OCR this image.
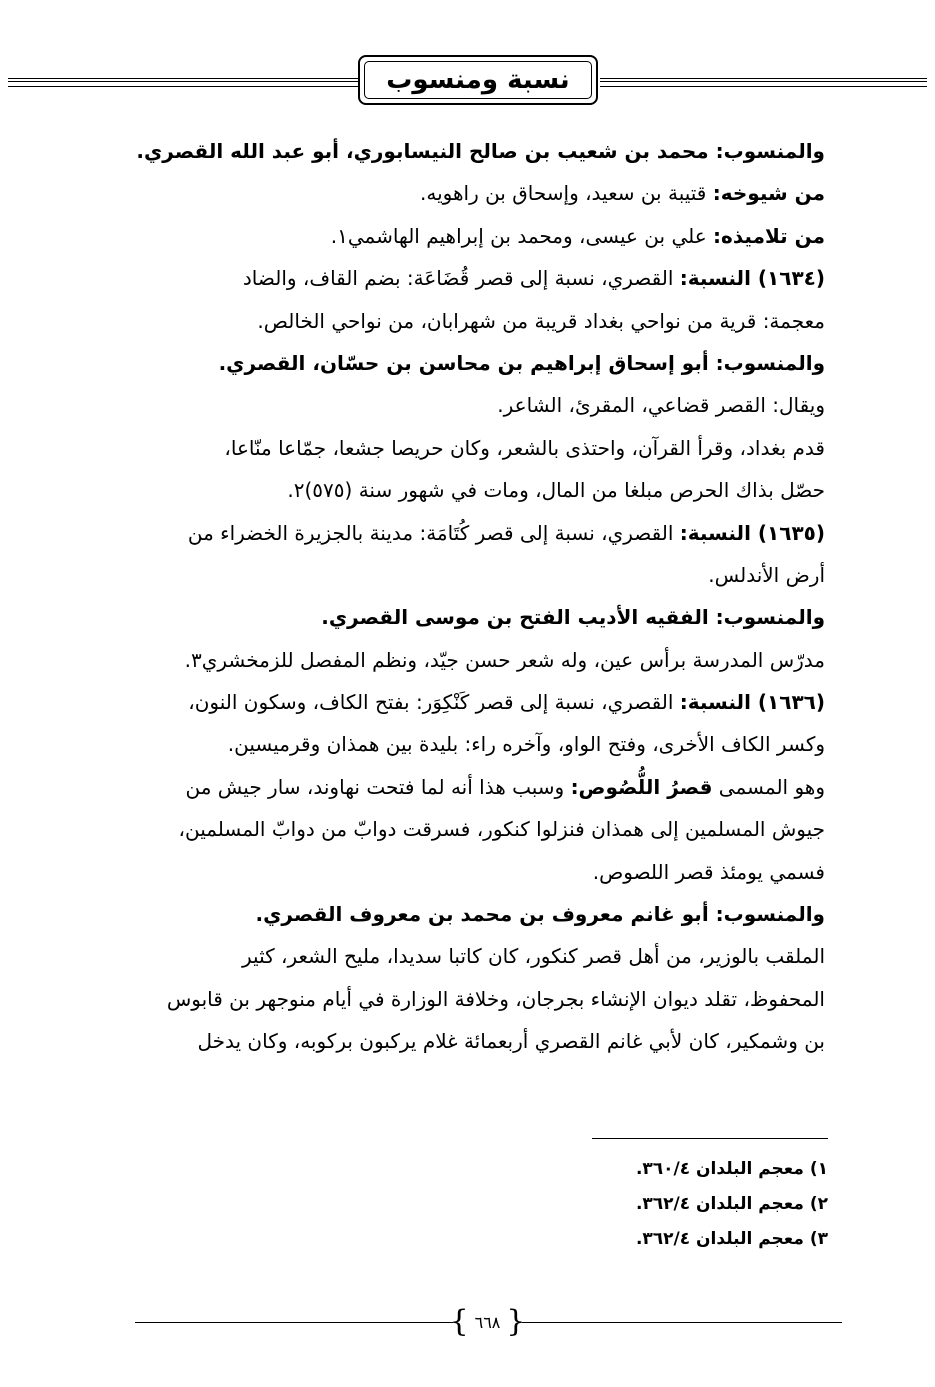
نسبة ومنسوب
والمنسوب: محمد بن شعيب بن صالح النيسابوري، أبو عبد الله القصري.
من شيوخه: قتيبة بن سعيد، وإسحاق بن راهويه.
من تلاميذه: علي بن عيسى، ومحمد بن إبراهيم الهاشمي١.
(١٦٣٤) النسبة: القصري، نسبة إلى قصر قُضَاعَة: بضم القاف، والضاد
معجمة: قرية من نواحي بغداد قريبة من شهرابان، من نواحي الخالص.
والمنسوب: أبو إسحاق إبراهيم بن محاسن بن حسّان، القصري.
ويقال: القصر قضاعي، المقرئ، الشاعر.
قدم بغداد، وقرأ القرآن، واحتذى بالشعر، وكان حريصا جشعا، جمّاعا منّاعا،
حصّل بذاك الحرص مبلغا من المال، ومات في شهور سنة (٥٧٥)٢.
(١٦٣٥) النسبة: القصري، نسبة إلى قصر كُتَامَة: مدينة بالجزيرة الخضراء من
أرض الأندلس.
والمنسوب: الفقيه الأديب الفتح بن موسى القصري.
مدرّس المدرسة برأس عين، وله شعر حسن جيّد، ونظم المفصل للزمخشري٣.
(١٦٣٦) النسبة: القصري، نسبة إلى قصر كَنْكِوَر: بفتح الكاف، وسكون النون،
وكسر الكاف الأخرى، وفتح الواو، وآخره راء: بليدة بين همذان وقرميسين.
وهو المسمى قصرُ اللُّصُوص: وسبب هذا أنه لما فتحت نهاوند، سار جيش من
جيوش المسلمين إلى همذان فنزلوا كنكور، فسرقت دوابّ من دوابّ المسلمين،
فسمي يومئذ قصر اللصوص.
والمنسوب: أبو غانم معروف بن محمد بن معروف القصري.
الملقب بالوزير، من أهل قصر كنكور، كان كاتبا سديدا، مليح الشعر، كثير
المحفوظ، تقلد ديوان الإنشاء بجرجان، وخلافة الوزارة في أيام منوجهر بن قابوس
بن وشمكير، كان لأبي غانم القصري أربعمائة غلام يركبون بركوبه، وكان يدخل
١) معجم البلدان ٣٦٠/٤.
٢) معجم البلدان ٣٦٢/٤.
٣) معجم البلدان ٣٦٢/٤.
{ ٦٦٨ }
